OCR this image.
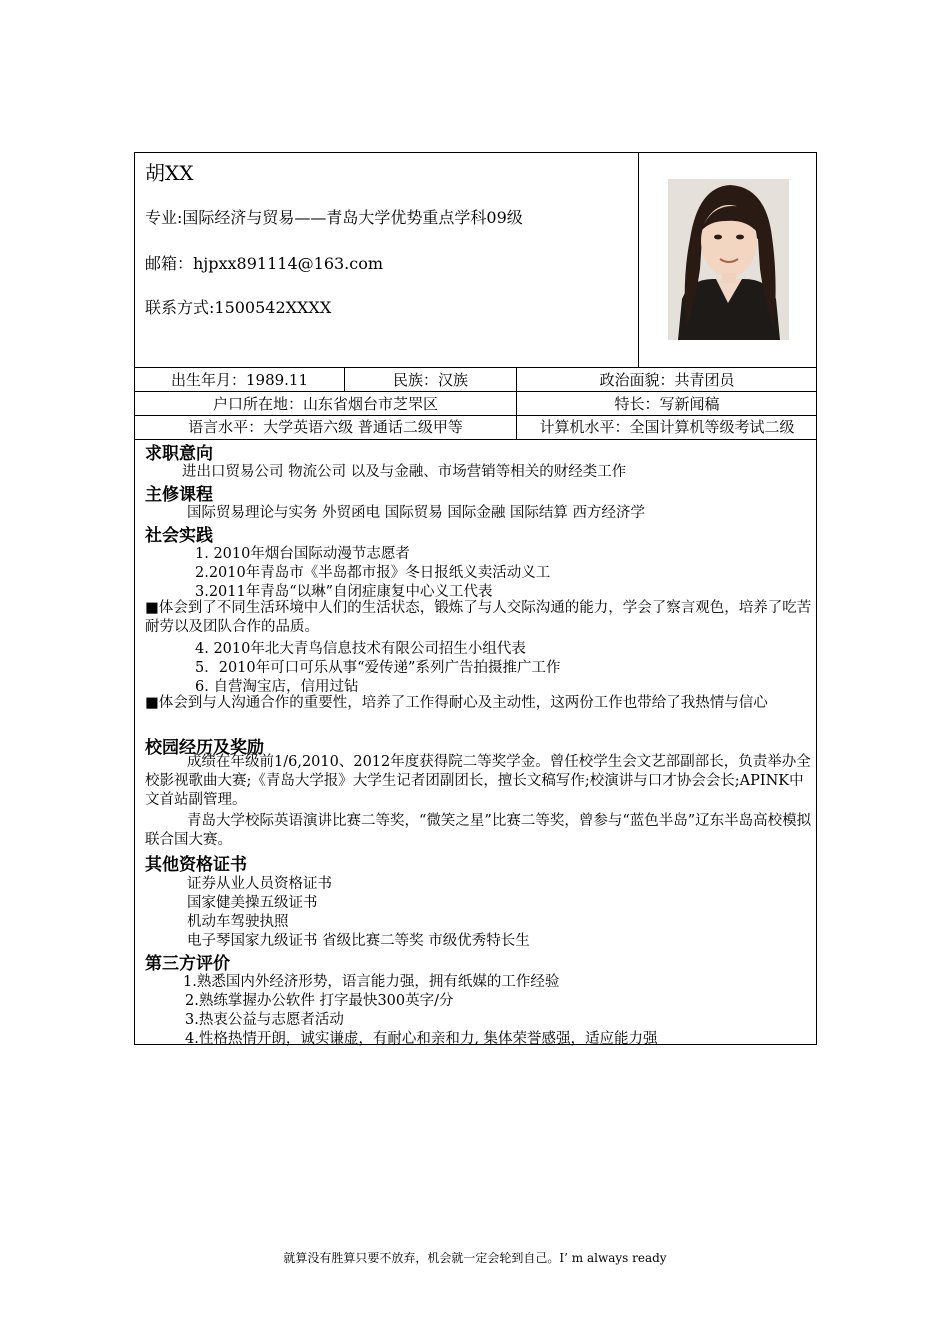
胡XX
专业:国际经济与贸易——青岛大学优势重点学科09级
邮箱：hjpxx891114@163.com
联系方式:1500542XXXX
出生年月：1989.11	民族：汉族	政治面貌：共青团员
户口所在地：山东省烟台市芝罘区	特长：写新闻稿
语言水平：大学英语六级 普通话二级甲等	计算机水平：全国计算机等级考试二级
求职意向
进出口贸易公司 物流公司 以及与金融、市场营销等相关的财经类工作
主修课程
国际贸易理论与实务 外贸函电 国际贸易 国际金融 国际结算 西方经济学
社会实践
1. 2010年烟台国际动漫节志愿者
2.2010年青岛市《半岛都市报》冬日报纸义卖活动义工
3.2011年青岛“以琳”自闭症康复中心义工代表
■体会到了不同生活环境中人们的生活状态，锻炼了与人交际沟通的能力，学会了察言观色，培养了吃苦耐劳以及团队合作的品质。
4. 2010年北大青鸟信息技术有限公司招生小组代表
5．2010年可口可乐从事“爱传递”系列广告拍摄推广工作
6. 自营淘宝店，信用过钻
■体会到与人沟通合作的重要性，培养了工作得耐心及主动性，这两份工作也带给了我热情与信心
校园经历及奖励
成绩在年级前1/6,2010、2012年度获得院二等奖学金。曾任校学生会文艺部副部长，负责举办全校影视歌曲大赛;《青岛大学报》大学生记者团副团长，擅长文稿写作;校演讲与口才协会会长;APINK中文首站副管理。
青岛大学校际英语演讲比赛二等奖，“微笑之星”比赛二等奖，曾参与“蓝色半岛”辽东半岛高校模拟联合国大赛。
其他资格证书
证券从业人员资格证书
国家健美操五级证书
机动车驾驶执照
电子琴国家九级证书 省级比赛二等奖 市级优秀特长生
第三方评价
1.熟悉国内外经济形势，语言能力强，拥有纸媒的工作经验
2.熟练掌握办公软件 打字最快300英字/分
3.热衷公益与志愿者活动
4.性格热情开朗，诚实谦虚，有耐心和亲和力, 集体荣誉感强，适应能力强
就算没有胜算只要不放弃，机会就一定会轮到自己。I’ m always ready
